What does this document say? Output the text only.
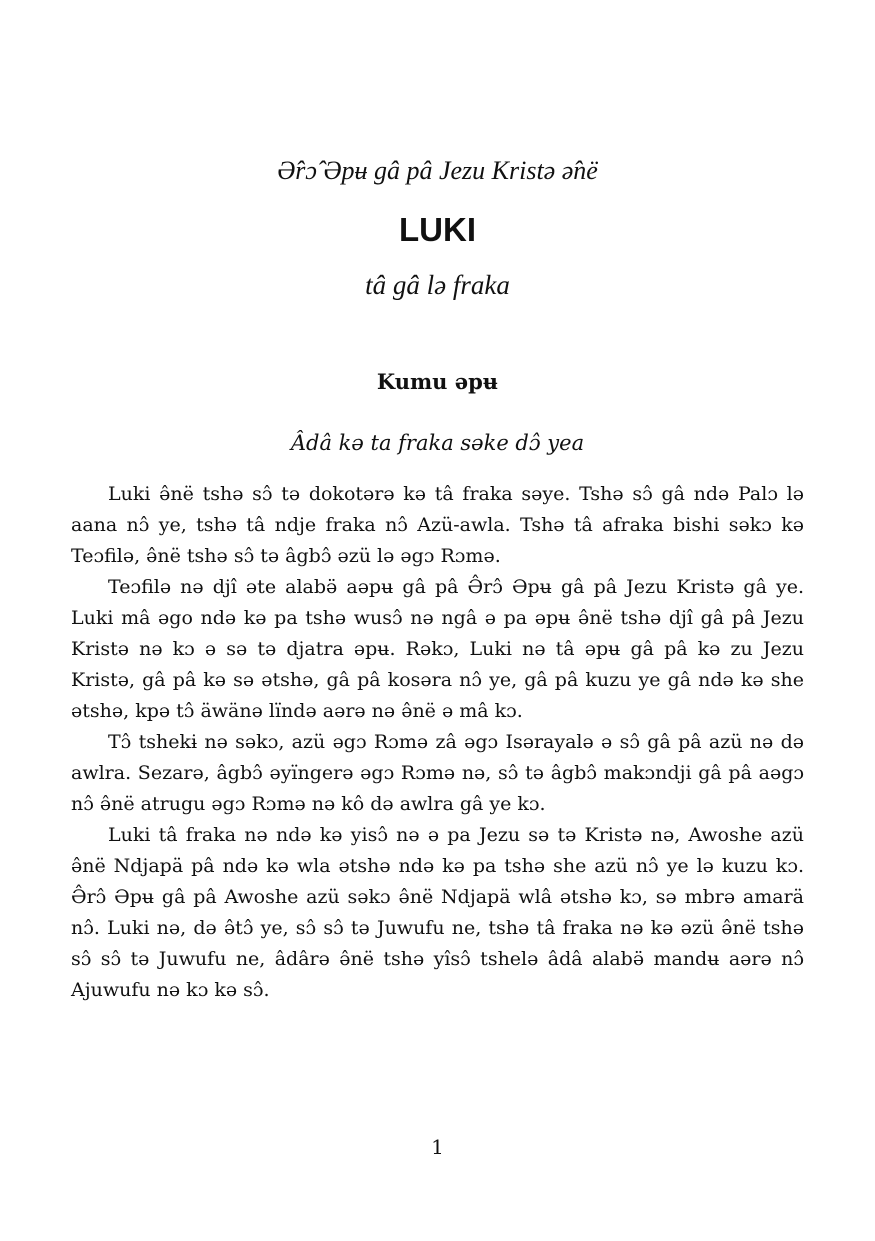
Ə̂rɔ̂ Əpʉ gâ pâ Jezu Kristə ə̂në
LUKI
tâ gâ lə fraka
Kumu əpʉ
Âdâ kə ta fraka səke dɔ̂ yea

Luki ə̂në tshə sɔ̂ tə dokotərə kə tâ fraka səye. Tshə sɔ̂ gâ ndə Palɔ lə aana nɔ̂ ye, tshə tâ ndje fraka nɔ̂ Azü-awla. Tshə tâ afraka bishi səkɔ kə Teɔfilə, ə̂në tshə sɔ̂ tə âgbɔ̂ əzü lə əgɔ Rɔmə.

Teɔfilə nə djî əte alabə̈ aəpʉ gâ pâ Ə̂rɔ̂ Əpʉ gâ pâ Jezu Kristə gâ ye. Luki mâ əgo ndə kə pa tshə wusɔ̂ nə ngâ ə pa əpʉ ə̂në tshə djî gâ pâ Jezu Kristə nə kɔ ə sə tə djatra əpʉ. Rəkɔ, Luki nə tâ əpʉ gâ pâ kə zu Jezu Kristə, gâ pâ kə sə ətshə, gâ pâ kosəra nɔ̂ ye, gâ pâ kuzu ye gâ ndə kə she ətshə, kpə tɔ̂ äwänə lïndə aərə nə ə̂në ə mâ kɔ.

Tɔ̂ tshekɨ nə səkɔ, azü əgɔ Rɔmə zâ əgɔ Isərayalə ə sɔ̂ gâ pâ azü nə də awlra. Sezarə, âgbɔ̂ əyïngerə əgɔ Rɔmə nə, sɔ̂ tə âgbɔ̂ makɔndji gâ pâ aəgɔ nɔ̂ ə̂në atrugu əgɔ Rɔmə nə kô də awlra gâ ye kɔ.

Luki tâ fraka nə ndə kə yisɔ̂ nə ə pa Jezu sə tə Kristə nə, Awoshe azü ə̂në Ndjapä pâ ndə kə wla ətshə ndə kə pa tshə she azü nɔ̂ ye lə kuzu kɔ. Ə̂rɔ̂ Əpʉ gâ pâ Awoshe azü səkɔ ə̂në Ndjapä wlâ ətshə kɔ, sə mbrə amarä nɔ̂. Luki nə, də ə̂tɔ̂ ye, sɔ̂ sɔ̂ tə Juwufu ne, tshə tâ fraka nə kə əzü ə̂në tshə sɔ̂ sɔ̂ tə Juwufu ne, âdârə ə̂në tshə yîsɔ̂ tshelə âdâ alabə̈ mandʉ aərə nɔ̂ Ajuwufu nə kɔ kə sɔ̂.

1
